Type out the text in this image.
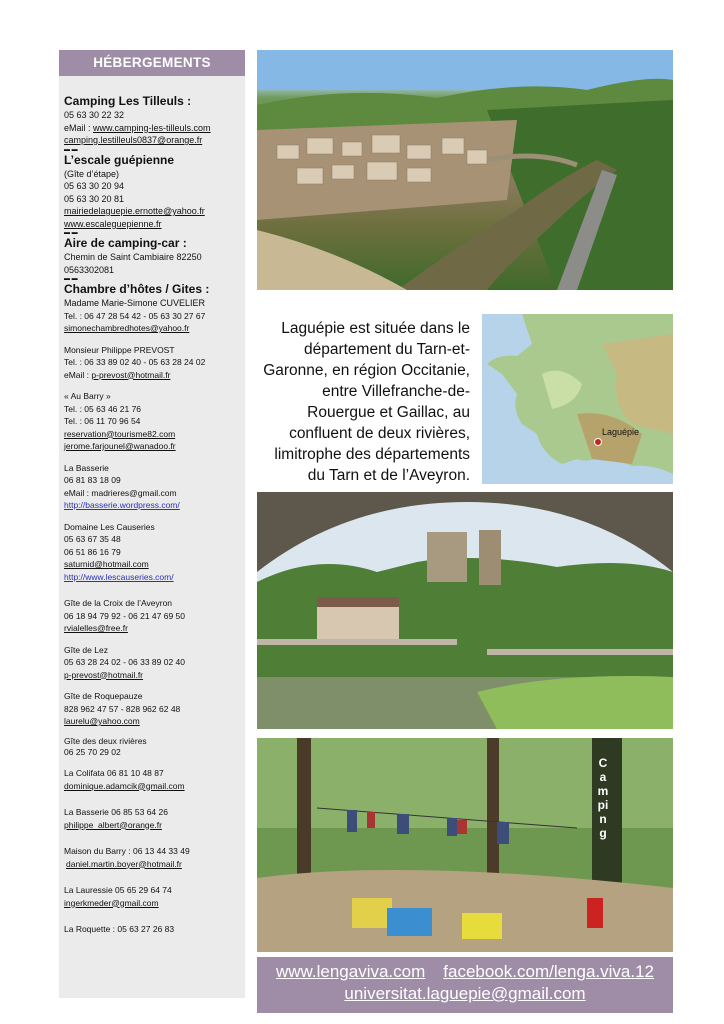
HÉBERGEMENTS
Camping Les Tilleuls :
05 63 30 22 32
eMail : www.camping-les-tilleuls.com
camping.lestilleuls0837@orange.fr
▬ ▬
L’escale guépienne
(Gîte d’étape)
05 63 30 20 94
05 63 30 20 81
mairiedelaguepie.ernotte@yahoo.fr
www.escaleguepienne.fr
▬ ▬
Aire de camping-car :
Chemin de Saint Cambiaire 82250
0563302081
▬ ▬
Chambre d’hôtes / Gites :
Madame Marie-Simone CUVELIER
Tel. : 06 47 28 54 42 - 05 63 30 27 67
simonechambredhotes@yahoo.fr
Monsieur Philippe PREVOST
Tel. : 06 33 89 02 40 - 05 63 28 24 02
eMail : p-prevost@hotmail.fr
« Au Barry »
Tel. : 05 63 46 21 76
Tel. : 06 11 70 96 54
reservation@tourisme82.com
jerome.farjounel@wanadoo.fr
La Basserie
06 81 83 18 09
eMail : madrieres@gmail.com
http://basserie.wordpress.com/
Domaine Les Causeries
05 63 67 35 48
06 51 86 16 79
saturnid@hotmail.com
http://www.lescauseries.com/
Gîte de la Croix de l’Aveyron
06 18 94 79 92 - 06 21 47 69 50
rvialelles@free.fr
Gîte de Lez
05 63 28 24 02 - 06 33 89 02 40
p-prevost@hotmail.fr
Gîte de Roquepauze
828 962 47 57 - 828 962 62 48
laurelu@yahoo.com
Gîte des deux rivières
06 25 70 29 02
La Colifata 06 81 10 48 87
dominique.adamcik@gmail.com
La Basserie 06 85 53 64 26
philippe_albert@orange.fr
Maison du Barry : 06 13 44 33 49
daniel.martin.boyer@hotmail.fr
La Lauressie 05 65 29 64 74
ingerkmeder@gmail.com
La Roquette : 05 63 27 26 83
Laguépie est située dans le département du Tarn-et-Garonne, en région Occitanie, entre Villefranche-de-Rouergue et Gaillac, au confluent de deux rivières, limitrophe des départements du Tarn et de l’Aveyron.
Laguépie
Camping
www.lengaviva.com facebook.com/lenga.viva.12
universitat.laguepie@gmail.com
